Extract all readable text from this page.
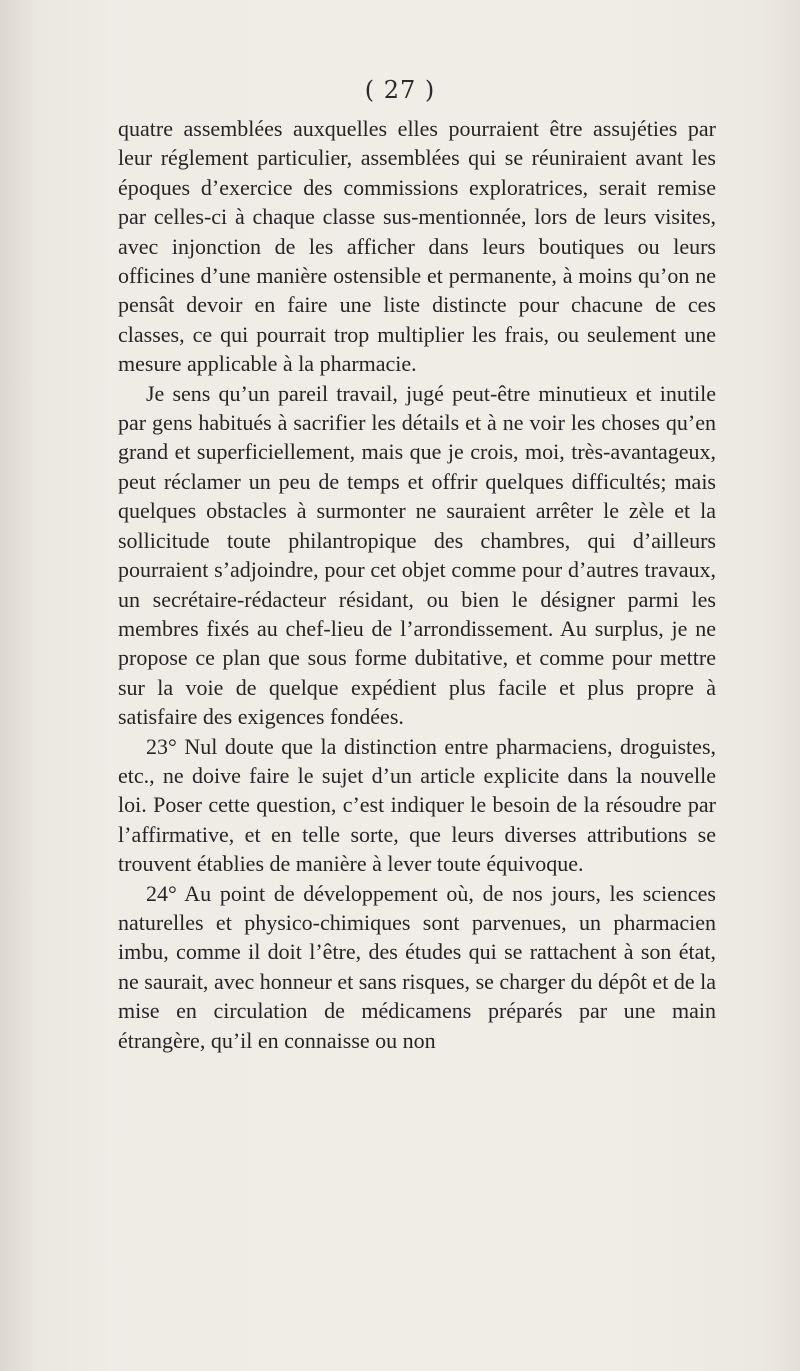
( 27 )

quatre assemblées auxquelles elles pourraient être assujéties par leur réglement particulier, assemblées qui se réuniraient avant les époques d’exercice des commissions exploratrices, serait remise par celles-ci à chaque classe sus-mentionnée, lors de leurs visites, avec injonction de les afficher dans leurs boutiques ou leurs officines d’une manière ostensible et permanente, à moins qu’on ne pensât devoir en faire une liste distincte pour chacune de ces classes, ce qui pourrait trop multiplier les frais, ou seulement une mesure applicable à la pharmacie.

Je sens qu’un pareil travail, jugé peut-être minutieux et inutile par gens habitués à sacrifier les détails et à ne voir les choses qu’en grand et superficiellement, mais que je crois, moi, très-avantageux, peut réclamer un peu de temps et offrir quelques difficultés; mais quelques obstacles à surmonter ne sauraient arrêter le zèle et la sollicitude toute philantropique des chambres, qui d’ailleurs pourraient s’adjoindre, pour cet objet comme pour d’autres travaux, un secrétaire-rédacteur résidant, ou bien le désigner parmi les membres fixés au chef-lieu de l’arrondissement. Au surplus, je ne propose ce plan que sous forme dubitative, et comme pour mettre sur la voie de quelque expédient plus facile et plus propre à satisfaire des exigences fondées.

23° Nul doute que la distinction entre pharmaciens, droguistes, etc., ne doive faire le sujet d’un article explicite dans la nouvelle loi. Poser cette question, c’est indiquer le besoin de la résoudre par l’affirmative, et en telle sorte, que leurs diverses attributions se trouvent établies de manière à lever toute équivoque.

24° Au point de développement où, de nos jours, les sciences naturelles et physico-chimiques sont parvenues, un pharmacien imbu, comme il doit l’être, des études qui se rattachent à son état, ne saurait, avec honneur et sans risques, se charger du dépôt et de la mise en circulation de médicamens préparés par une main étrangère, qu’il en connaisse ou non
